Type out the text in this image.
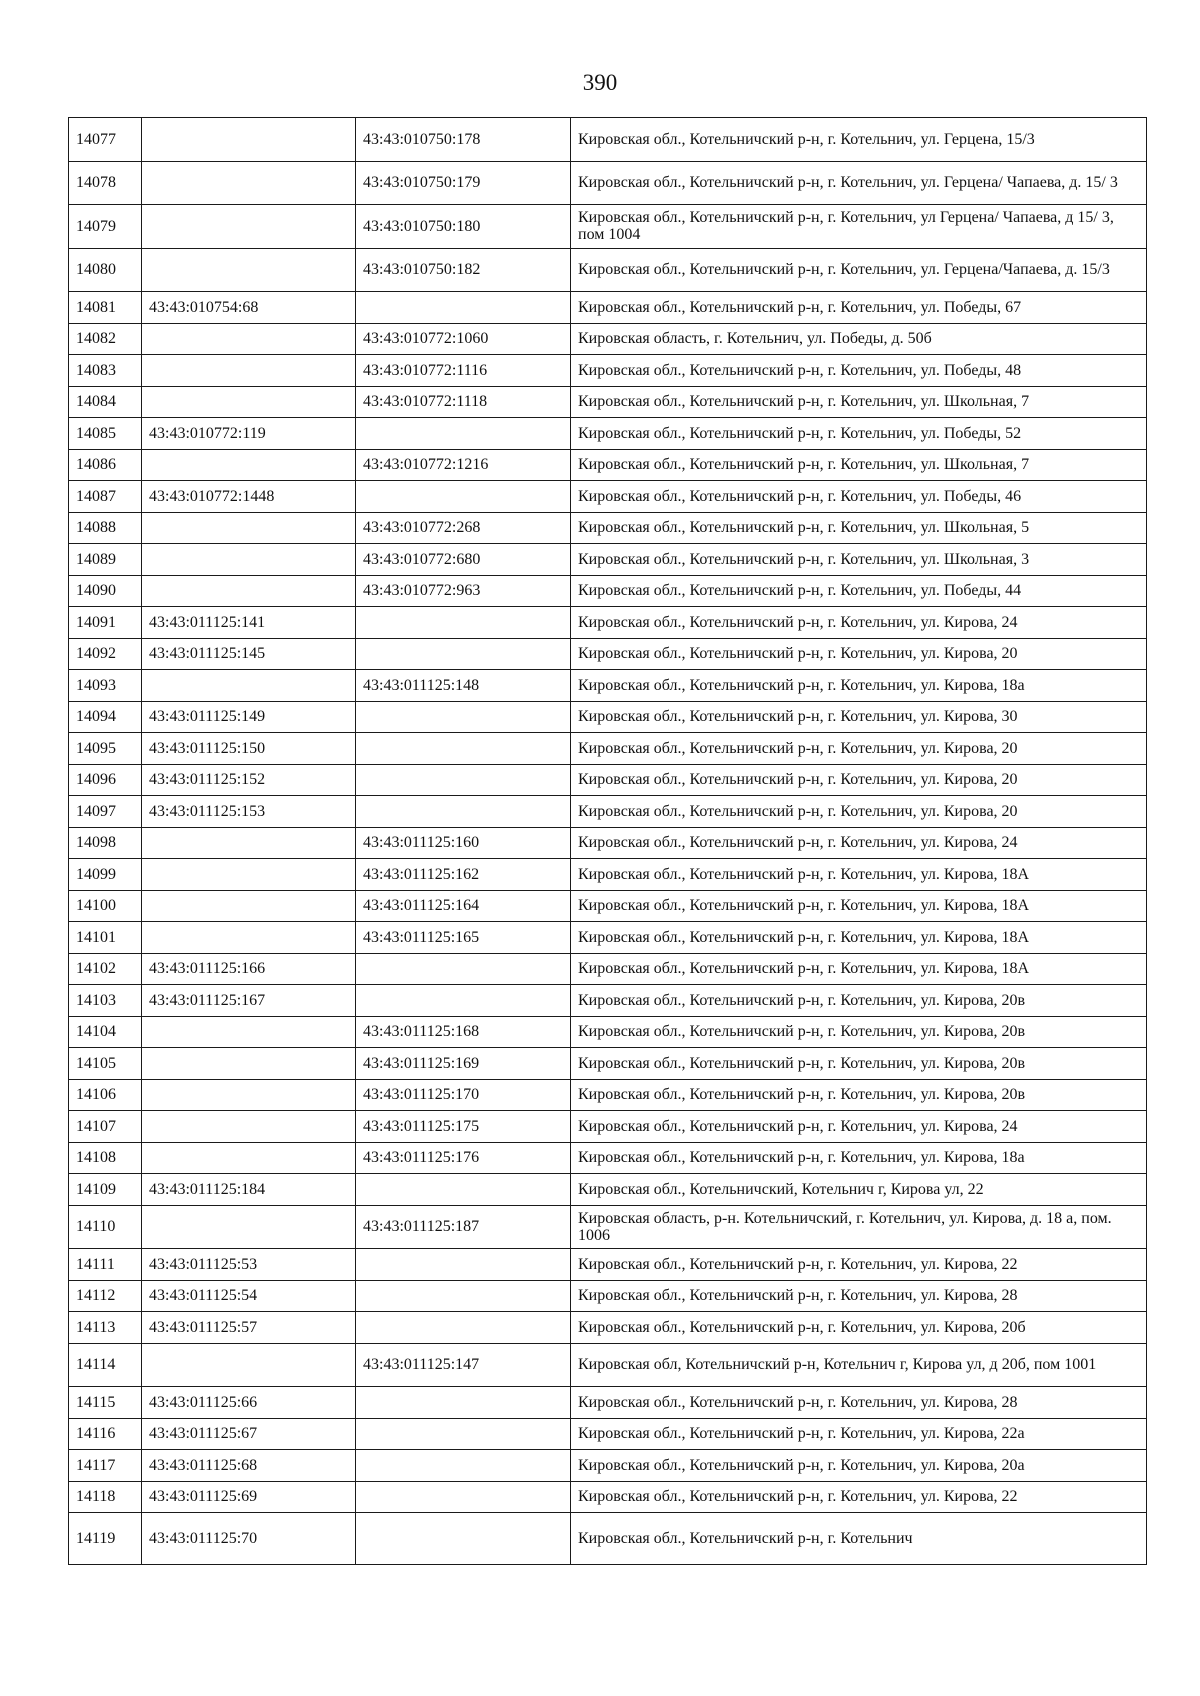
390
14077		43:43:010750:178	Кировская обл., Котельничский р-н, г. Котельнич, ул. Герцена, 15/3
14078		43:43:010750:179	Кировская обл., Котельничский р-н, г. Котельнич, ул. Герцена/ Чапаева, д. 15/ 3
14079		43:43:010750:180	Кировская обл., Котельничский р-н, г. Котельнич, ул Герцена/ Чапаева, д 15/ 3, пом 1004
14080		43:43:010750:182	Кировская обл., Котельничский р-н, г. Котельнич, ул. Герцена/Чапаева, д. 15/3
14081	43:43:010754:68		Кировская обл., Котельничский р-н, г. Котельнич, ул. Победы, 67
14082		43:43:010772:1060	Кировская область, г. Котельнич, ул. Победы, д. 50б
14083		43:43:010772:1116	Кировская обл., Котельничский р-н, г. Котельнич, ул. Победы, 48
14084		43:43:010772:1118	Кировская обл., Котельничский р-н, г. Котельнич, ул. Школьная, 7
14085	43:43:010772:119		Кировская обл., Котельничский р-н, г. Котельнич, ул. Победы, 52
14086		43:43:010772:1216	Кировская обл., Котельничский р-н, г. Котельнич, ул. Школьная, 7
14087	43:43:010772:1448		Кировская обл., Котельничский р-н, г. Котельнич, ул. Победы, 46
14088		43:43:010772:268	Кировская обл., Котельничский р-н, г. Котельнич, ул. Школьная, 5
14089		43:43:010772:680	Кировская обл., Котельничский р-н, г. Котельнич, ул. Школьная, 3
14090		43:43:010772:963	Кировская обл., Котельничский р-н, г. Котельнич, ул. Победы, 44
14091	43:43:011125:141		Кировская обл., Котельничский р-н, г. Котельнич, ул. Кирова, 24
14092	43:43:011125:145		Кировская обл., Котельничский р-н, г. Котельнич, ул. Кирова, 20
14093		43:43:011125:148	Кировская обл., Котельничский р-н, г. Котельнич, ул. Кирова, 18а
14094	43:43:011125:149		Кировская обл., Котельничский р-н, г. Котельнич, ул. Кирова, 30
14095	43:43:011125:150		Кировская обл., Котельничский р-н, г. Котельнич, ул. Кирова, 20
14096	43:43:011125:152		Кировская обл., Котельничский р-н, г. Котельнич, ул. Кирова, 20
14097	43:43:011125:153		Кировская обл., Котельничский р-н, г. Котельнич, ул. Кирова, 20
14098		43:43:011125:160	Кировская обл., Котельничский р-н, г. Котельнич, ул. Кирова, 24
14099		43:43:011125:162	Кировская обл., Котельничский р-н, г. Котельнич, ул. Кирова, 18А
14100		43:43:011125:164	Кировская обл., Котельничский р-н, г. Котельнич, ул. Кирова, 18А
14101		43:43:011125:165	Кировская обл., Котельничский р-н, г. Котельнич, ул. Кирова, 18А
14102	43:43:011125:166		Кировская обл., Котельничский р-н, г. Котельнич, ул. Кирова, 18А
14103	43:43:011125:167		Кировская обл., Котельничский р-н, г. Котельнич, ул. Кирова, 20в
14104		43:43:011125:168	Кировская обл., Котельничский р-н, г. Котельнич, ул. Кирова, 20в
14105		43:43:011125:169	Кировская обл., Котельничский р-н, г. Котельнич, ул. Кирова, 20в
14106		43:43:011125:170	Кировская обл., Котельничский р-н, г. Котельнич, ул. Кирова, 20в
14107		43:43:011125:175	Кировская обл., Котельничский р-н, г. Котельнич, ул. Кирова, 24
14108		43:43:011125:176	Кировская обл., Котельничский р-н, г. Котельнич, ул. Кирова, 18а
14109	43:43:011125:184		Кировская обл., Котельничский, Котельнич г, Кирова ул, 22
14110		43:43:011125:187	Кировская область, р-н. Котельничский, г. Котельнич, ул. Кирова, д. 18 а, пом. 1006
14111	43:43:011125:53		Кировская обл., Котельничский р-н, г. Котельнич, ул. Кирова, 22
14112	43:43:011125:54		Кировская обл., Котельничский р-н, г. Котельнич, ул. Кирова, 28
14113	43:43:011125:57		Кировская обл., Котельничский р-н, г. Котельнич, ул. Кирова, 20б
14114		43:43:011125:147	Кировская обл, Котельничский р-н, Котельнич г, Кирова ул, д 20б, пом 1001
14115	43:43:011125:66		Кировская обл., Котельничский р-н, г. Котельнич, ул. Кирова, 28
14116	43:43:011125:67		Кировская обл., Котельничский р-н, г. Котельнич, ул. Кирова, 22а
14117	43:43:011125:68		Кировская обл., Котельничский р-н, г. Котельнич, ул. Кирова, 20а
14118	43:43:011125:69		Кировская обл., Котельничский р-н, г. Котельнич, ул. Кирова, 22
14119	43:43:011125:70		Кировская обл., Котельничский р-н, г. Котельнич
